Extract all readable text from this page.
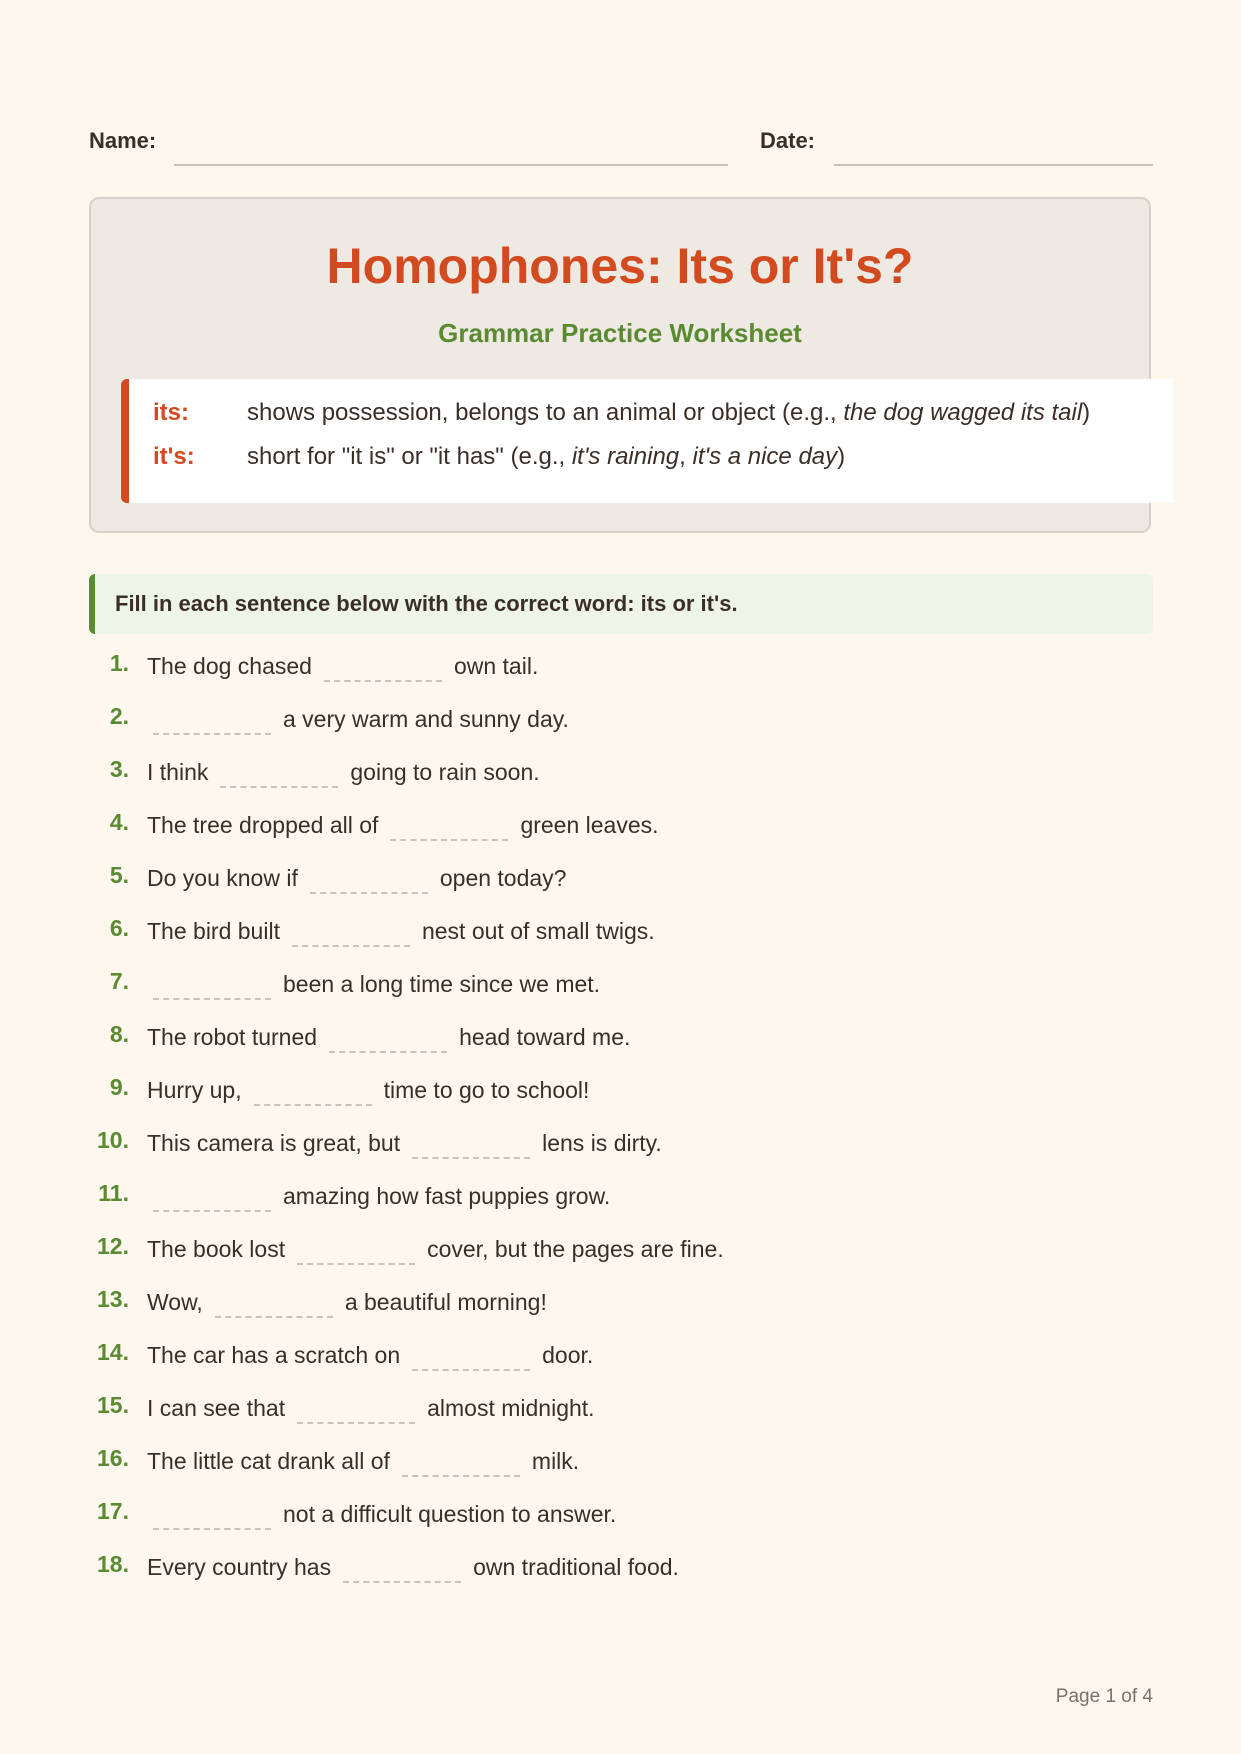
Name:	Date:
Homophones: Its or It's?
Grammar Practice Worksheet
its: shows possession, belongs to an animal or object (e.g., the dog wagged its tail)
it's: short for "it is" or "it has" (e.g., it's raining, it's a nice day)
Fill in each sentence below with the correct word: its or it's.
1. The dog chased	own tail.
2.	a very warm and sunny day.
3. I think	going to rain soon.
4. The tree dropped all of	green leaves.
5. Do you know if	open today?
6. The bird built	nest out of small twigs.
7.	been a long time since we met.
8. The robot turned	head toward me.
9. Hurry up,	time to go to school!
10. This camera is great, but	lens is dirty.
11.	amazing how fast puppies grow.
12. The book lost	cover, but the pages are fine.
13. Wow,	a beautiful morning!
14. The car has a scratch on	door.
15. I can see that	almost midnight.
16. The little cat drank all of	milk.
17.	not a difficult question to answer.
18. Every country has	own traditional food.
Page 1 of 4
